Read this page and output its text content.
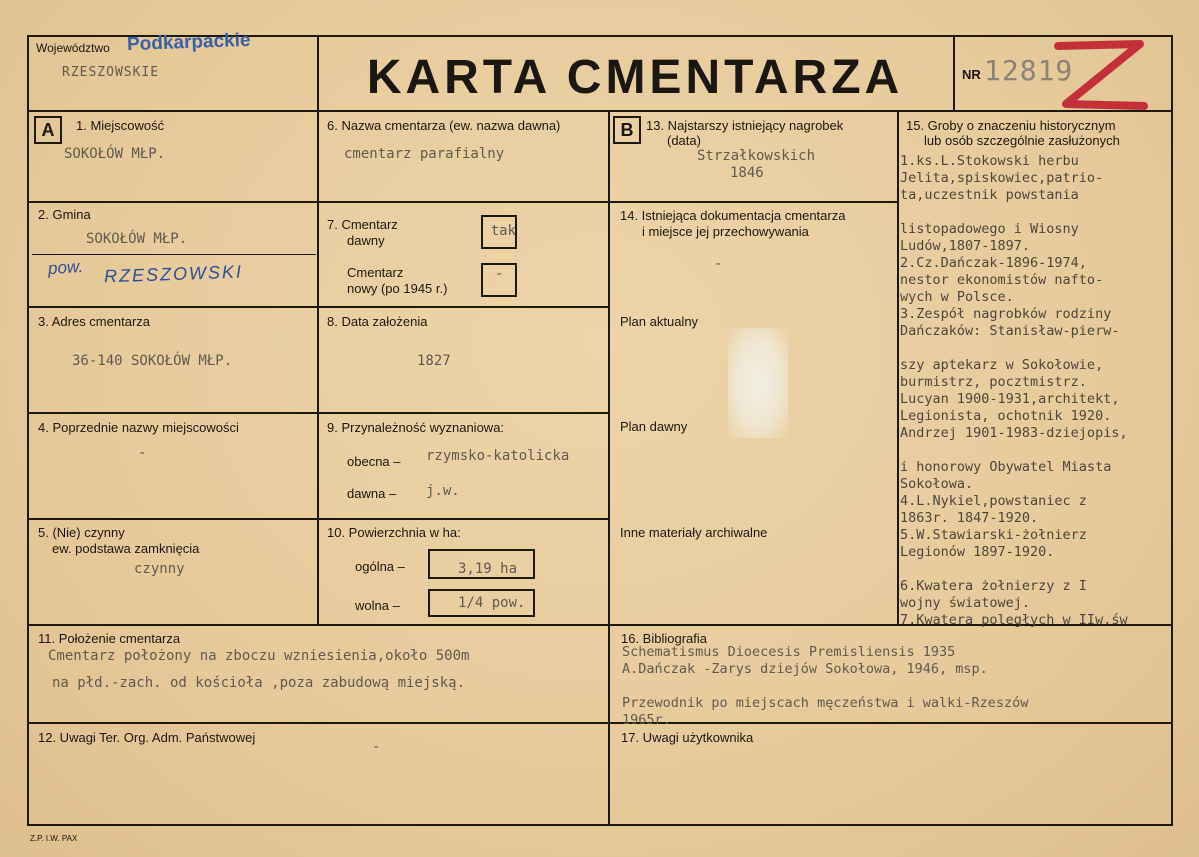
Województwo Podkarpackie
RZESZOWSKIE	KARTA CMENTARZA	NR 12819	Z
A	B
1. Miejscowość
SOKOŁÓW MŁP.
2. Gmina
SOKOŁÓW MŁP.
pow. RZESZOWSKI
3. Adres cmentarza
36-140 SOKOŁÓW MŁP.
4. Poprzednie nazwy miejscowości
-
5. (Nie) czynny
ew. podstawa zamknięcia
czynny
6. Nazwa cmentarza (ew. nazwa dawna)
cmentarz parafialny
7. Cmentarz
dawny
tak
Cmentarz
nowy (po 1945 r.)
-
8. Data założenia
1827
9. Przynależność wyznaniowa:
obecna – rzymsko-katolicka
dawna – j.w.
10. Powierzchnia w ha:
ogólna –	3,19 ha
wolna –	1/4 pow.
13. Najstarszy istniejący nagrobek
(data)
Strzałkowskich
1846
14. Istniejąca dokumentacja cmentarza
i miejsce jej przechowywania
-
Plan aktualny
Plan dawny
Inne materiały archiwalne
15. Groby o znaczeniu historycznym
lub osób szczególnie zasłużonych
1.ks.L.Stokowski herbu
Jelita,spiskowiec,patrio-
ta,uczestnik powstania
listopadowego i Wiosny
Ludów,1807-1897.
2.Cz.Dańczak-1896-1974,
nestor ekonomistów nafto-
wych w Polsce.
3.Zespół nagrobków rodziny
Dańczaków: Stanisław-pierw-
szy aptekarz w Sokołowie,
burmistrz, pocztmistrz.
Lucyan 1900-1931,architekt,
Legionista, ochotnik 1920.
Andrzej 1901-1983-dziejopis,
i honorowy Obywatel Miasta
Sokołowa.
4.L.Nykiel,powstaniec z
1863r. 1847-1920.
5.W.Stawiarski-żołnierz
Legionów 1897-1920.
6.Kwatera żołnierzy z I
wojny światowej.
7.Kwatera poległych w IIw.św
11. Położenie cmentarza
Cmentarz położony na zboczu wzniesienia,około 500m
na płd.-zach. od kościoła ,poza zabudową miejską.
16. Bibliografia
Schematismus Dioecesis Premisliensis 1935
A.Dańczak -Zarys dziejów Sokołowa, 1946, msp.
Przewodnik po miejscach męczeństwa i walki-Rzeszów
1965r.
12. Uwagi Ter. Org. Adm. Państwowej
-
17. Uwagi użytkownika
Z.P. I.W. PAX
